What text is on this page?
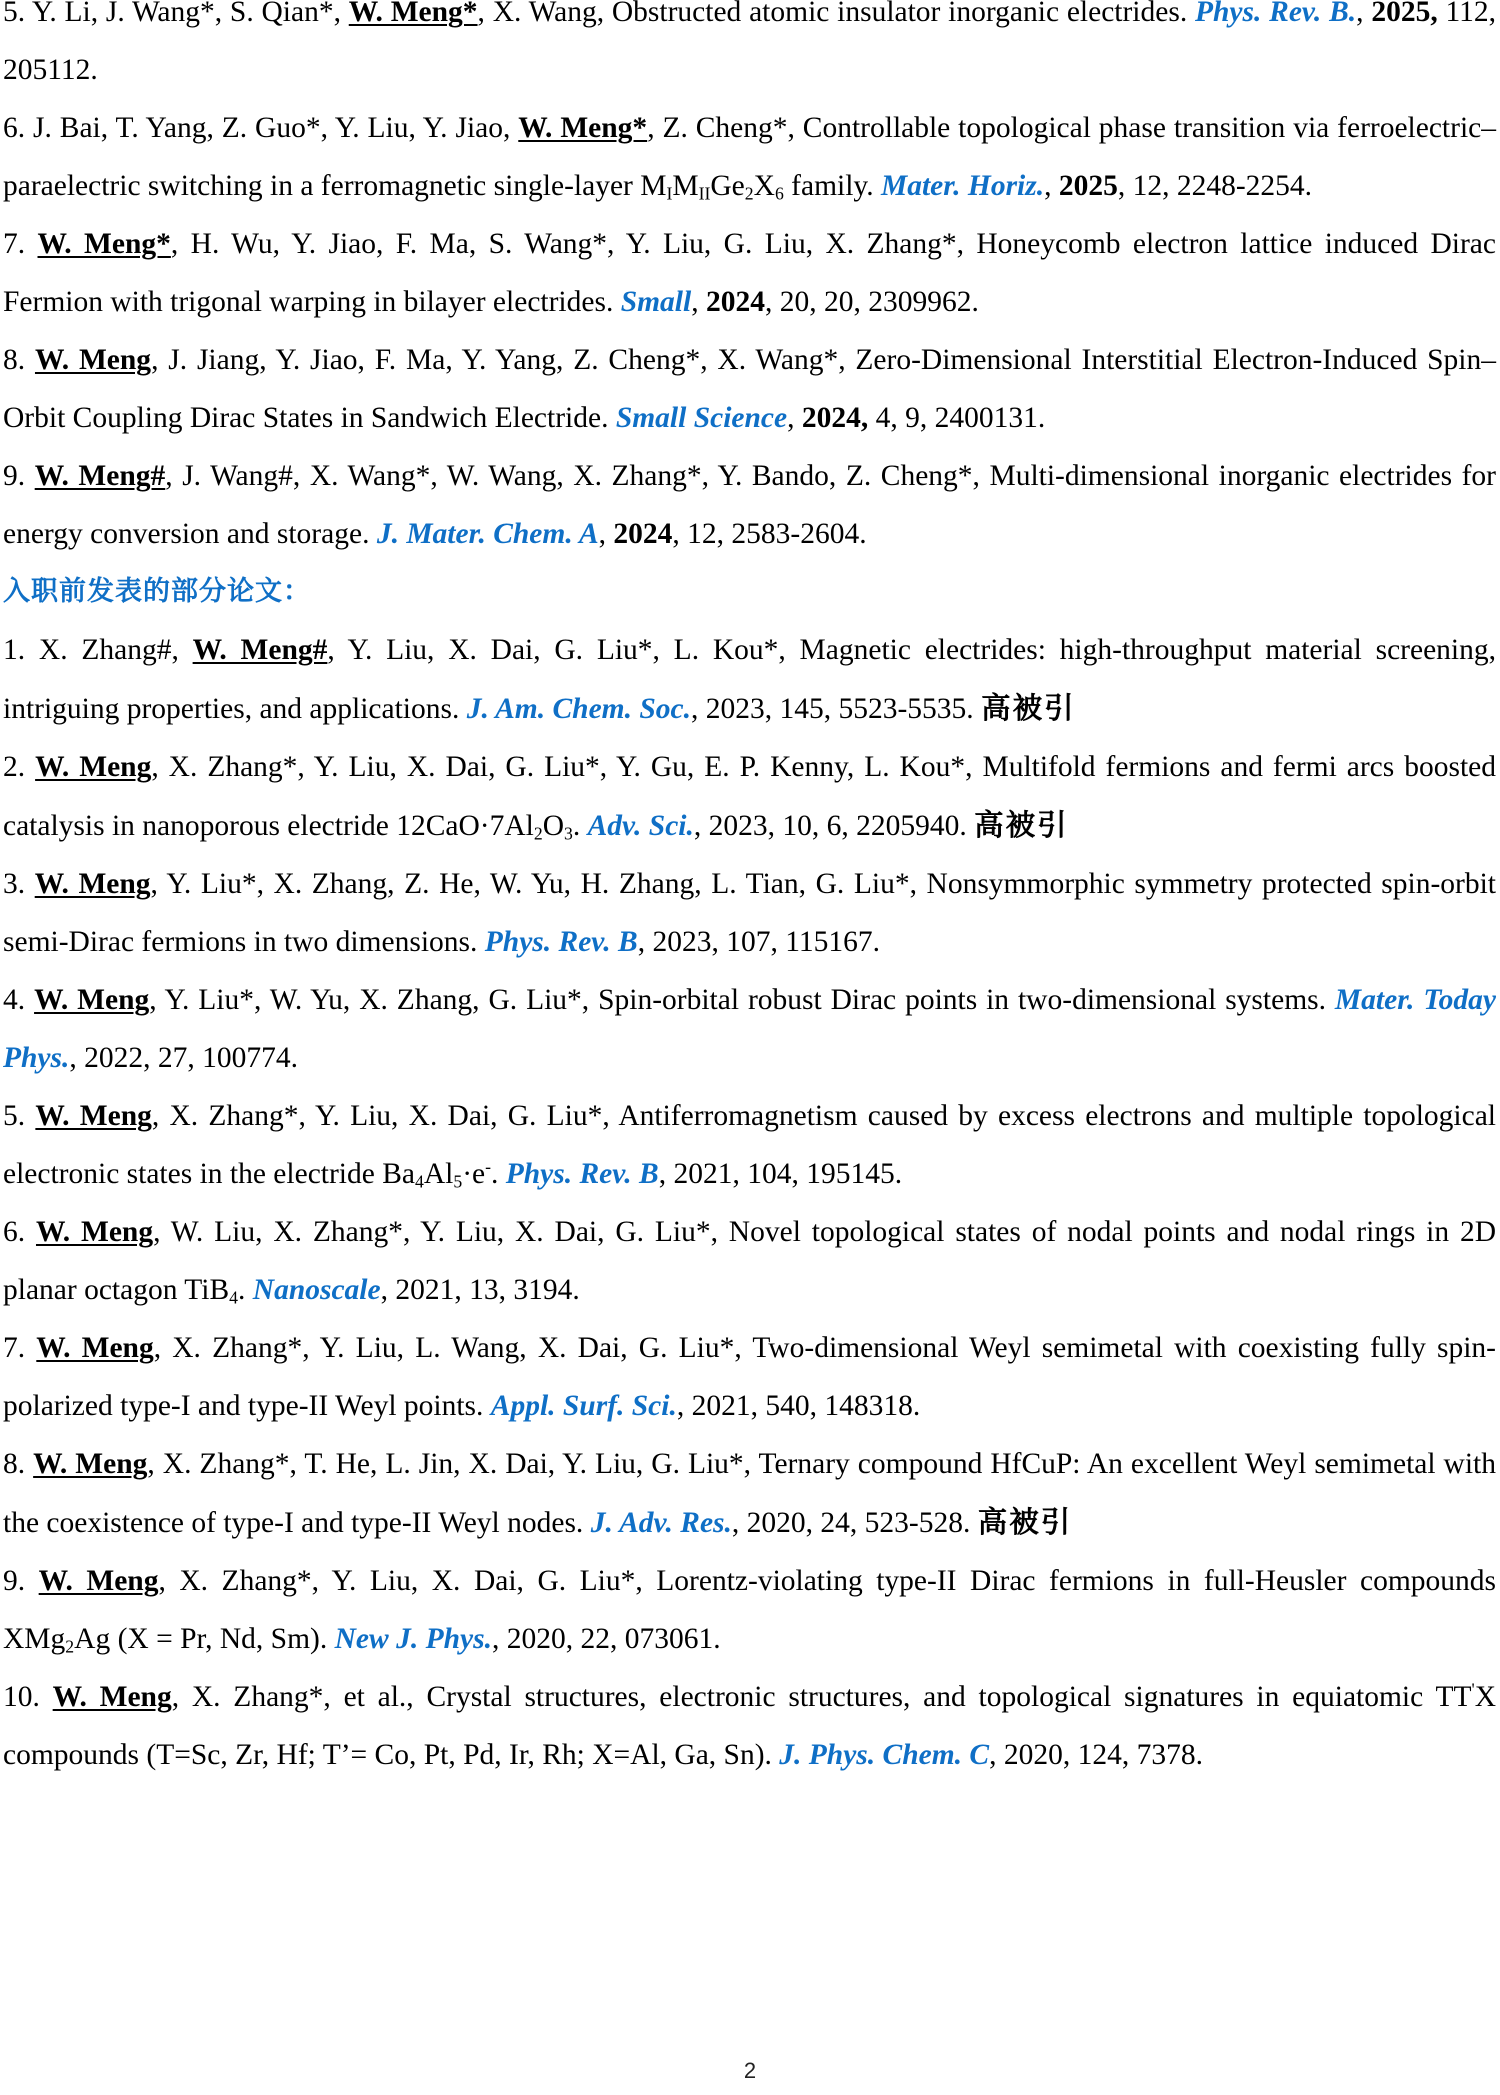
5. Y. Li, J. Wang*, S. Qian*, W. Meng*, X. Wang, Obstructed atomic insulator inorganic electrides. Phys. Rev. B., 2025, 112, 205112.

6. J. Bai, T. Yang, Z. Guo*, Y. Liu, Y. Jiao, W. Meng*, Z. Cheng*, Controllable topological phase transition via ferroelectric–paraelectric switching in a ferromagnetic single-layer $M_IM_{II}Ge_2X_6$ family. Mater. Horiz., 2025, 12, 2248-2254.

7. W. Meng*, H. Wu, Y. Jiao, F. Ma, S. Wang*, Y. Liu, G. Liu, X. Zhang*, Honeycomb electron lattice induced Dirac Fermion with trigonal warping in bilayer electrides. Small, 2024, 20, 20, 2309962.

8. W. Meng, J. Jiang, Y. Jiao, F. Ma, Y. Yang, Z. Cheng*, X. Wang*, Zero-Dimensional Interstitial Electron-Induced Spin–Orbit Coupling Dirac States in Sandwich Electride. Small Science, 2024, 4, 9, 2400131.

9. W. Meng#, J. Wang#, X. Wang*, W. Wang, X. Zhang*, Y. Bando, Z. Cheng*, Multi-dimensional inorganic electrides for energy conversion and storage. J. Mater. Chem. A, 2024, 12, 2583-2604.

入职前发表的部分论文：

1. X. Zhang#, W. Meng#, Y. Liu, X. Dai, G. Liu*, L. Kou*, Magnetic electrides: high-throughput material screening, intriguing properties, and applications. J. Am. Chem. Soc., 2023, 145, 5523-5535. 高被引

2. W. Meng, X. Zhang*, Y. Liu, X. Dai, G. Liu*, Y. Gu, E. P. Kenny, L. Kou*, Multifold fermions and fermi arcs boosted catalysis in nanoporous electride $12CaO\cdot 7Al_2O_3$. Adv. Sci., 2023, 10, 6, 2205940. 高被引

3. W. Meng, Y. Liu*, X. Zhang, Z. He, W. Yu, H. Zhang, L. Tian, G. Liu*, Nonsymmorphic symmetry protected spin-orbit semi-Dirac fermions in two dimensions. Phys. Rev. B, 2023, 107, 115167.

4. W. Meng, Y. Liu*, W. Yu, X. Zhang, G. Liu*, Spin-orbital robust Dirac points in two-dimensional systems. Mater. Today Phys., 2022, 27, 100774.

5. W. Meng, X. Zhang*, Y. Liu, X. Dai, G. Liu*, Antiferromagnetism caused by excess electrons and multiple topological electronic states in the electride $Ba_4Al_5\cdot e^-$. Phys. Rev. B, 2021, 104, 195145.

6. W. Meng, W. Liu, X. Zhang*, Y. Liu, X. Dai, G. Liu*, Novel topological states of nodal points and nodal rings in 2D planar octagon TiB$_4$. Nanoscale, 2021, 13, 3194.

7. W. Meng, X. Zhang*, Y. Liu, L. Wang, X. Dai, G. Liu*, Two-dimensional Weyl semimetal with coexisting fully spin-polarized type-I and type-II Weyl points. Appl. Surf. Sci., 2021, 540, 148318.

8. W. Meng, X. Zhang*, T. He, L. Jin, X. Dai, Y. Liu, G. Liu*, Ternary compound HfCuP: An excellent Weyl semimetal with the coexistence of type-I and type-II Weyl nodes. J. Adv. Res., 2020, 24, 523-528. 高被引

9. W. Meng, X. Zhang*, Y. Liu, X. Dai, G. Liu*, Lorentz-violating type-II Dirac fermions in full-Heusler compounds XMg$_2$Ag (X = Pr, Nd, Sm). New J. Phys., 2020, 22, 073061.

10. W. Meng, X. Zhang*, et al., Crystal structures, electronic structures, and topological signatures in equiatomic TT'X compounds (T=Sc, Zr, Hf; T’= Co, Pt, Pd, Ir, Rh; X=Al, Ga, Sn). J. Phys. Chem. C, 2020, 124, 7378.

2
